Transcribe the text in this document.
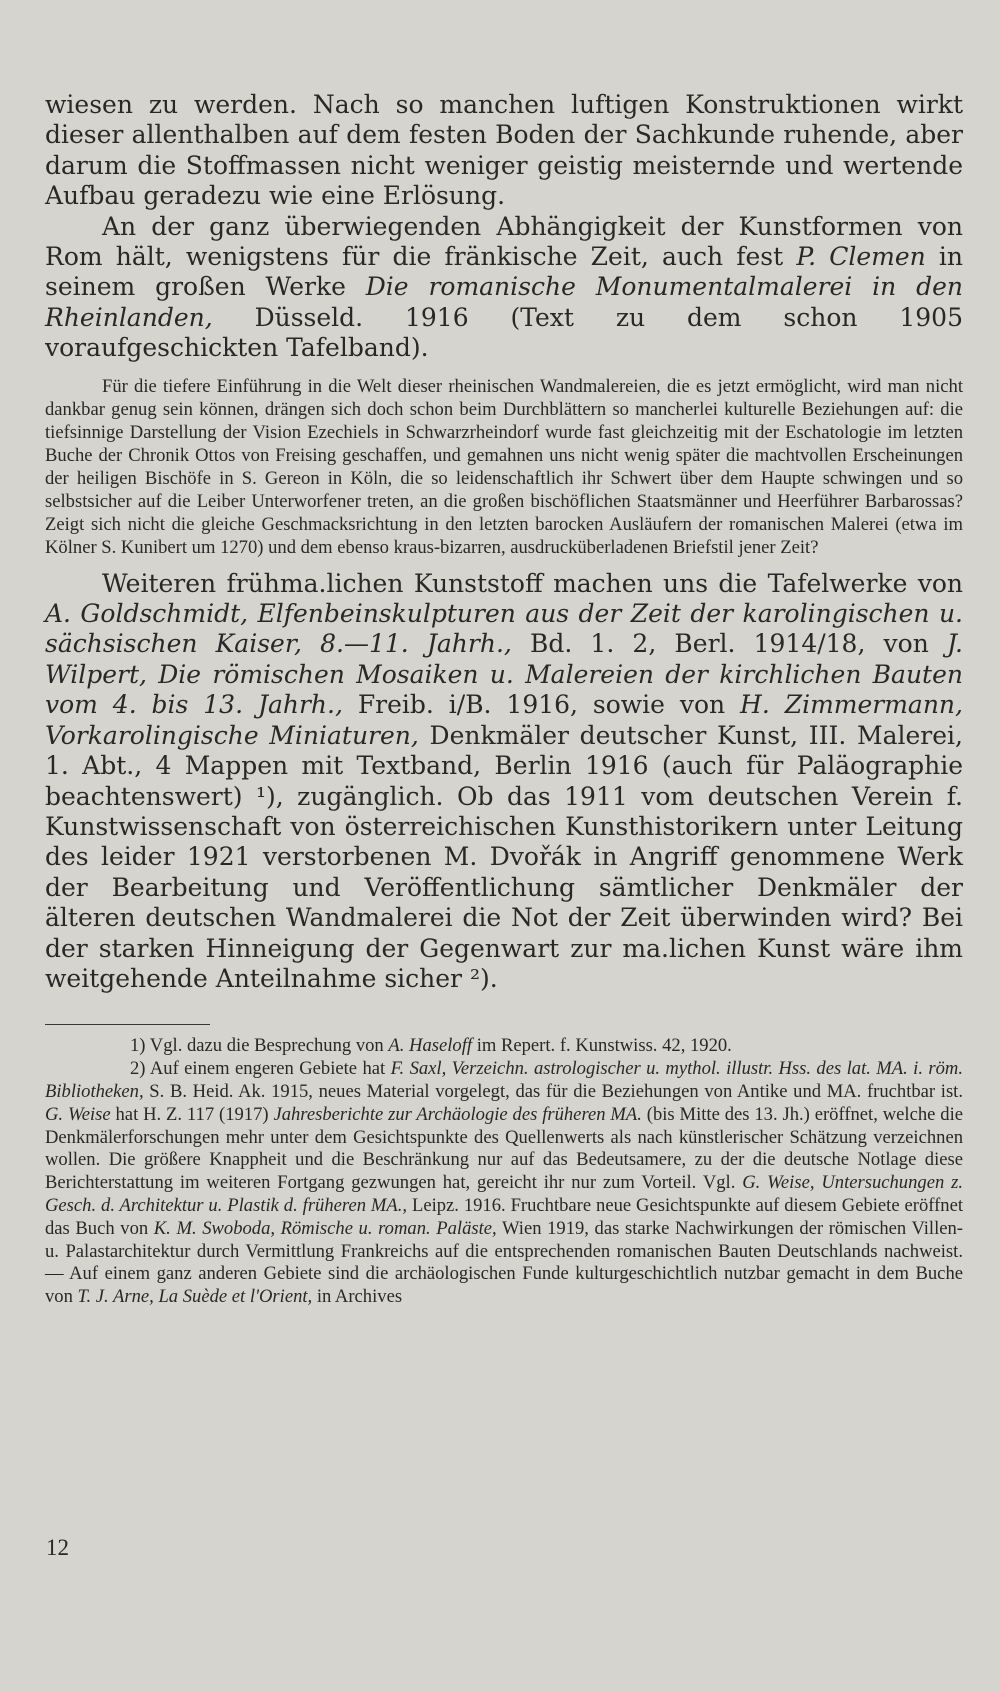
wiesen zu werden. Nach so manchen luftigen Konstruktionen wirkt dieser allenthalben auf dem festen Boden der Sachkunde ruhende, aber darum die Stoffmassen nicht weniger geistig meisternde und wertende Aufbau geradezu wie eine Erlösung.

An der ganz überwiegenden Abhängigkeit der Kunstformen von Rom hält, wenigstens für die fränkische Zeit, auch fest P. Clemen in seinem großen Werke Die romanische Monumentalmalerei in den Rheinlanden, Düsseld. 1916 (Text zu dem schon 1905 voraufgeschickten Tafelband).

Für die tiefere Einführung in die Welt dieser rheinischen Wandmalereien, die es jetzt ermöglicht, wird man nicht dankbar genug sein können, drängen sich doch schon beim Durchblättern so mancherlei kulturelle Beziehungen auf: die tiefsinnige Darstellung der Vision Ezechiels in Schwarzrheindorf wurde fast gleichzeitig mit der Eschatologie im letzten Buche der Chronik Ottos von Freising geschaffen, und gemahnen uns nicht wenig später die machtvollen Erscheinungen der heiligen Bischöfe in S. Gereon in Köln, die so leidenschaftlich ihr Schwert über dem Haupte schwingen und so selbstsicher auf die Leiber Unterworfener treten, an die großen bischöflichen Staatsmänner und Heerführer Barbarossas? Zeigt sich nicht die gleiche Geschmacksrichtung in den letzten barocken Ausläufern der romanischen Malerei (etwa im Kölner S. Kunibert um 1270) und dem ebenso kraus-bizarren, ausdrucküberladenen Briefstil jener Zeit?

Weiteren frühma.lichen Kunststoff machen uns die Tafelwerke von A. Goldschmidt, Elfenbeinskulpturen aus der Zeit der karolingischen u. sächsischen Kaiser, 8.—11. Jahrh., Bd. 1. 2, Berl. 1914/18, von J. Wilpert, Die römischen Mosaiken u. Malereien der kirchlichen Bauten vom 4. bis 13. Jahrh., Freib. i/B. 1916, sowie von H. Zimmermann, Vorkarolingische Miniaturen, Denkmäler deutscher Kunst, III. Malerei, 1. Abt., 4 Mappen mit Textband, Berlin 1916 (auch für Paläographie beachtenswert) ¹), zugänglich. Ob das 1911 vom deutschen Verein f. Kunstwissenschaft von österreichischen Kunsthistorikern unter Leitung des leider 1921 verstorbenen M. Dvořák in Angriff genommene Werk der Bearbeitung und Veröffentlichung sämtlicher Denkmäler der älteren deutschen Wandmalerei die Not der Zeit überwinden wird? Bei der starken Hinneigung der Gegenwart zur ma.lichen Kunst wäre ihm weitgehende Anteilnahme sicher ²).

1) Vgl. dazu die Besprechung von A. Haseloff im Repert. f. Kunstwiss. 42, 1920.

2) Auf einem engeren Gebiete hat F. Saxl, Verzeichn. astrologischer u. mythol. illustr. Hss. des lat. MA. i. röm. Bibliotheken, S. B. Heid. Ak. 1915, neues Material vorgelegt, das für die Beziehungen von Antike und MA. fruchtbar ist. G. Weise hat H. Z. 117 (1917) Jahresberichte zur Archäologie des früheren MA. (bis Mitte des 13. Jh.) eröffnet, welche die Denkmälerforschungen mehr unter dem Gesichtspunkte des Quellenwerts als nach künstlerischer Schätzung verzeichnen wollen. Die größere Knappheit und die Beschränkung nur auf das Bedeutsamere, zu der die deutsche Notlage diese Berichterstattung im weiteren Fortgang gezwungen hat, gereicht ihr nur zum Vorteil. Vgl. G. Weise, Untersuchungen z. Gesch. d. Architektur u. Plastik d. früheren MA., Leipz. 1916. Fruchtbare neue Gesichtspunkte auf diesem Gebiete eröffnet das Buch von K. M. Swoboda, Römische u. roman. Paläste, Wien 1919, das starke Nachwirkungen der römischen Villen- u. Palastarchitektur durch Vermittlung Frankreichs auf die entsprechenden romanischen Bauten Deutschlands nachweist. — Auf einem ganz anderen Gebiete sind die archäologischen Funde kulturgeschichtlich nutzbar gemacht in dem Buche von T. J. Arne, La Suède et l'Orient, in Archives

12
